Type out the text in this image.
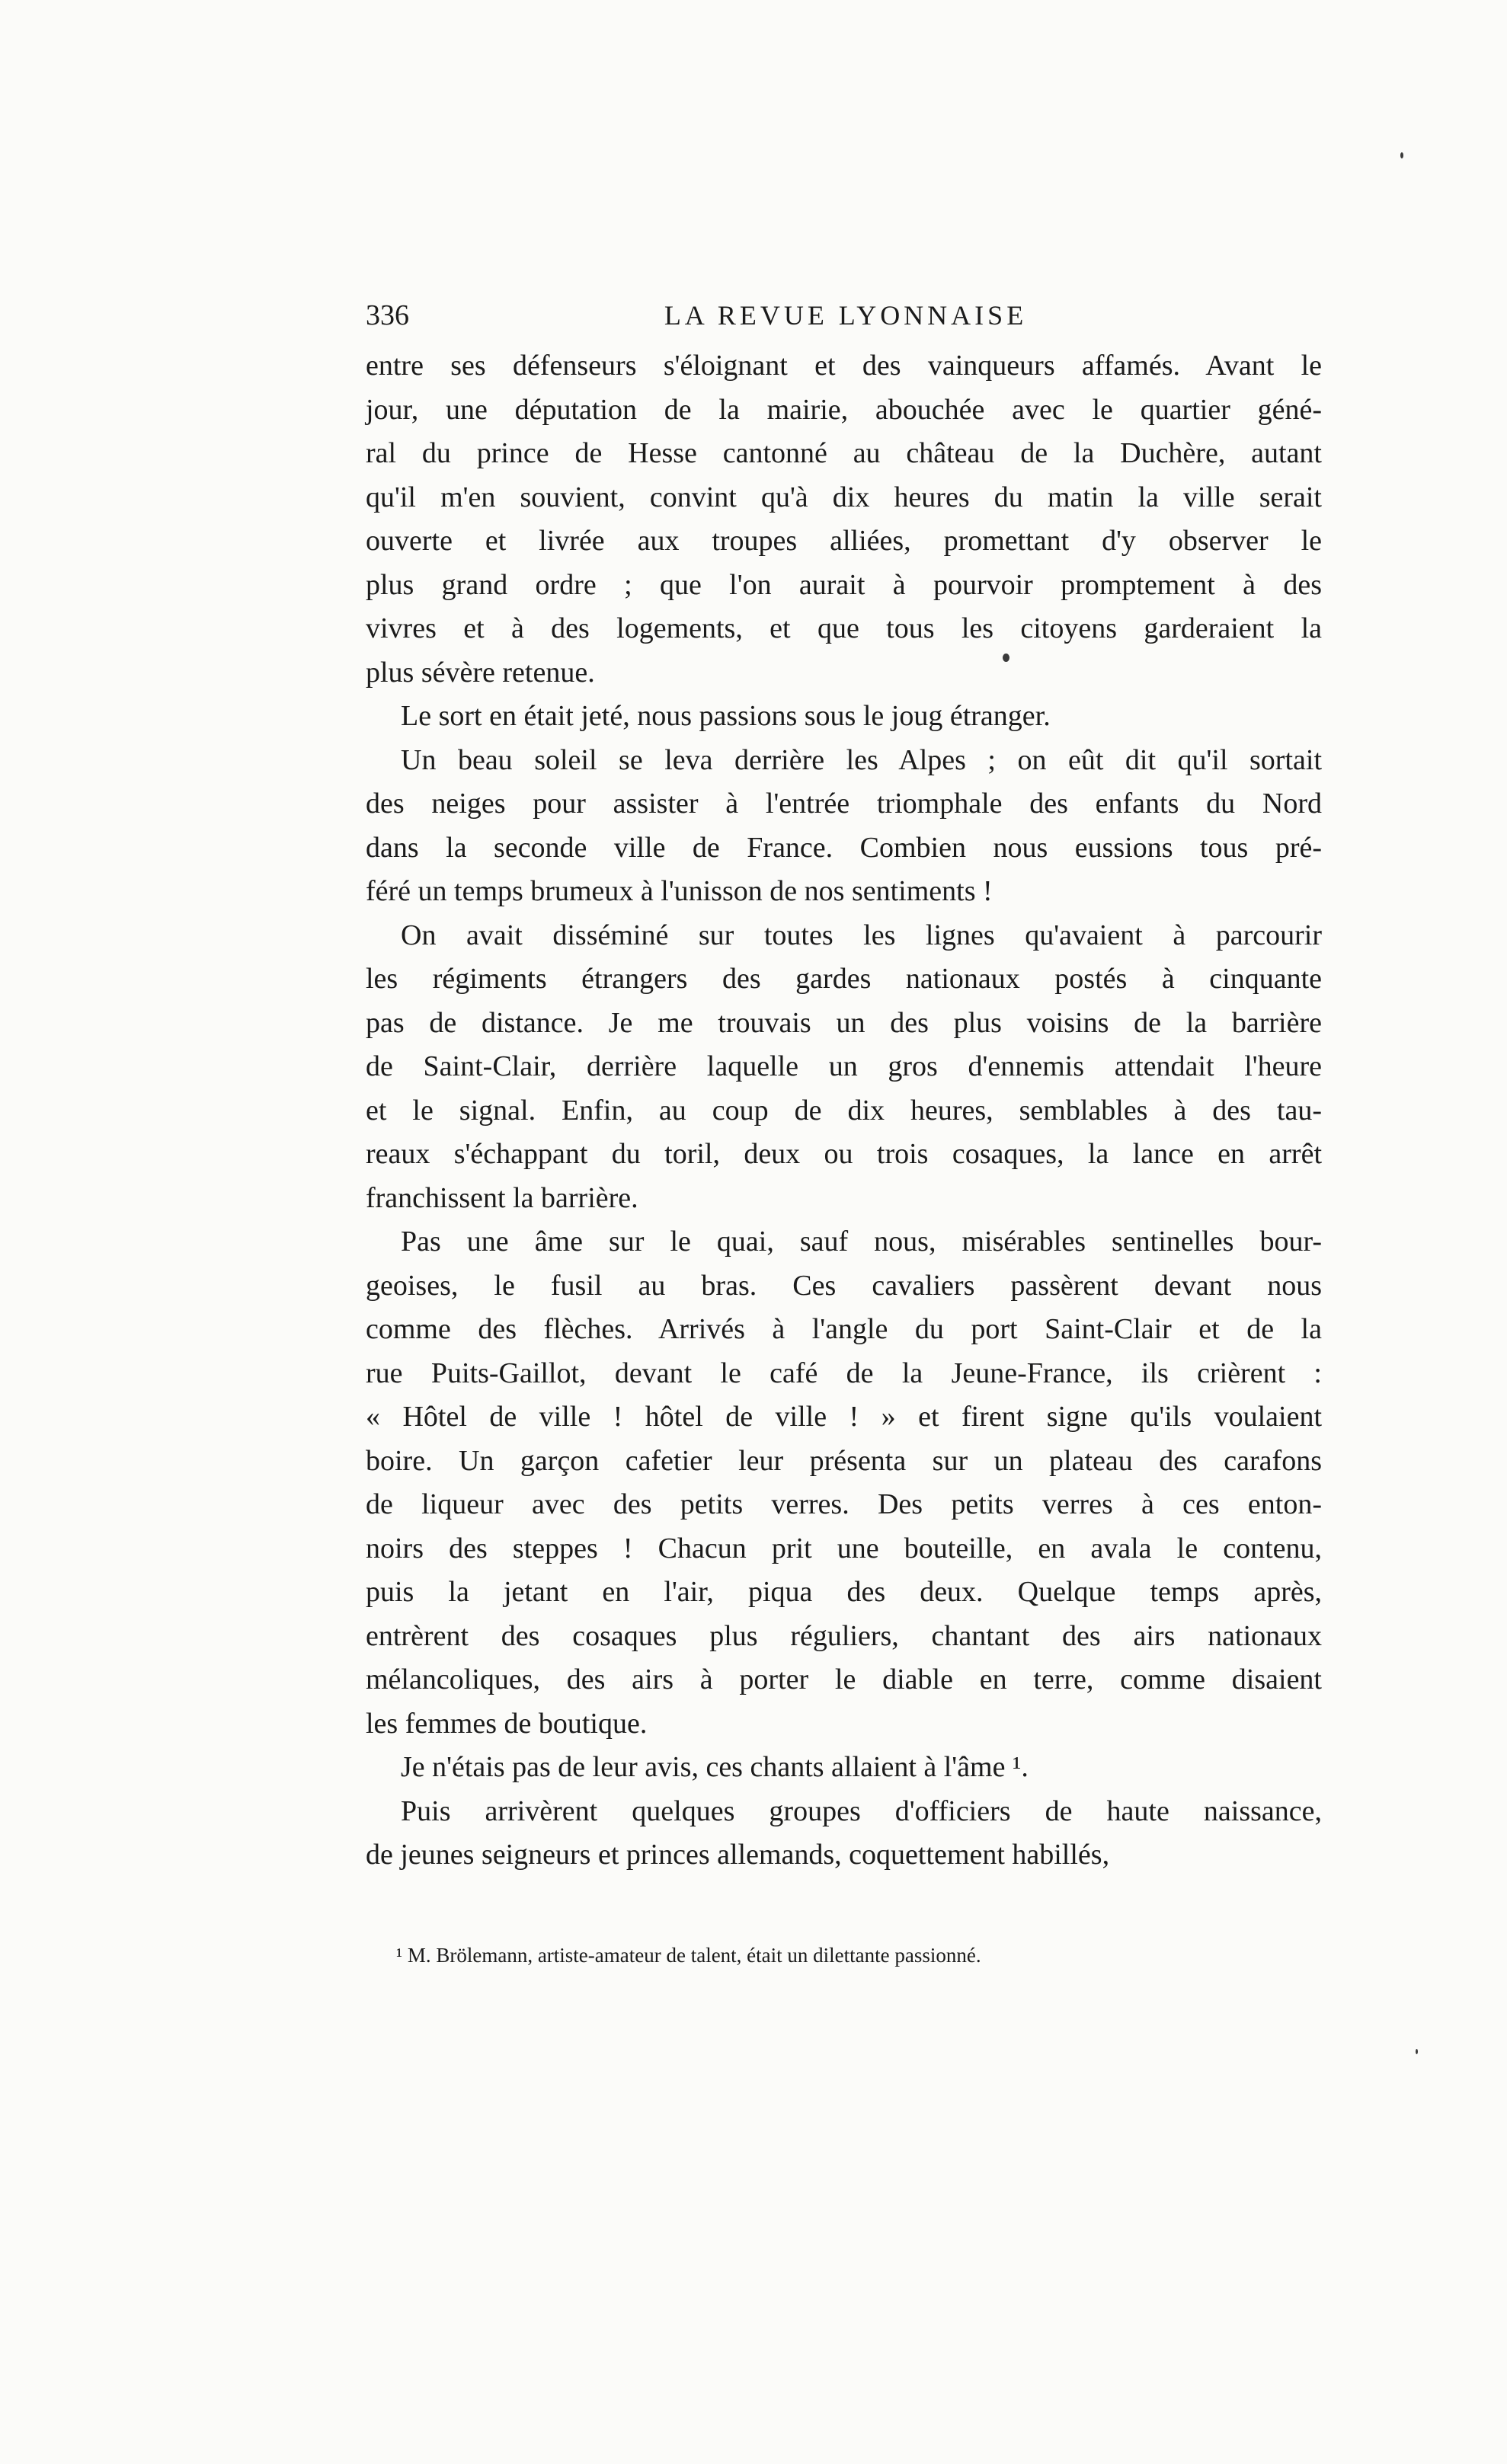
336	LA REVUE LYONNAISE
entre ses défenseurs s'éloignant et des vainqueurs affamés. Avant le
jour, une députation de la mairie, abouchée avec le quartier géné-
ral du prince de Hesse cantonné au château de la Duchère, autant
qu'il m'en souvient, convint qu'à dix heures du matin la ville serait
ouverte et livrée aux troupes alliées, promettant d'y observer le
plus grand ordre ; que l'on aurait à pourvoir promptement à des
vivres et à des logements, et que tous les citoyens garderaient la
plus sévère retenue.
Le sort en était jeté, nous passions sous le joug étranger.
Un beau soleil se leva derrière les Alpes ; on eût dit qu'il sortait
des neiges pour assister à l'entrée triomphale des enfants du Nord
dans la seconde ville de France. Combien nous eussions tous pré-
féré un temps brumeux à l'unisson de nos sentiments !
On avait disséminé sur toutes les lignes qu'avaient à parcourir
les régiments étrangers des gardes nationaux postés à cinquante
pas de distance. Je me trouvais un des plus voisins de la barrière
de Saint-Clair, derrière laquelle un gros d'ennemis attendait l'heure
et le signal. Enfin, au coup de dix heures, semblables à des tau-
reaux s'échappant du toril, deux ou trois cosaques, la lance en arrêt
franchissent la barrière.
Pas une âme sur le quai, sauf nous, misérables sentinelles bour-
geoises, le fusil au bras. Ces cavaliers passèrent devant nous
comme des flèches. Arrivés à l'angle du port Saint-Clair et de la
rue Puits-Gaillot, devant le café de la Jeune-France, ils crièrent :
« Hôtel de ville ! hôtel de ville ! » et firent signe qu'ils voulaient
boire. Un garçon cafetier leur présenta sur un plateau des carafons
de liqueur avec des petits verres. Des petits verres à ces enton-
noirs des steppes ! Chacun prit une bouteille, en avala le contenu,
puis la jetant en l'air, piqua des deux. Quelque temps après,
entrèrent des cosaques plus réguliers, chantant des airs nationaux
mélancoliques, des airs à porter le diable en terre, comme disaient
les femmes de boutique.
Je n'étais pas de leur avis, ces chants allaient à l'âme ¹.
Puis arrivèrent quelques groupes d'officiers de haute naissance,
de jeunes seigneurs et princes allemands, coquettement habillés,
¹ M. Brölemann, artiste-amateur de talent, était un dilettante passionné.
